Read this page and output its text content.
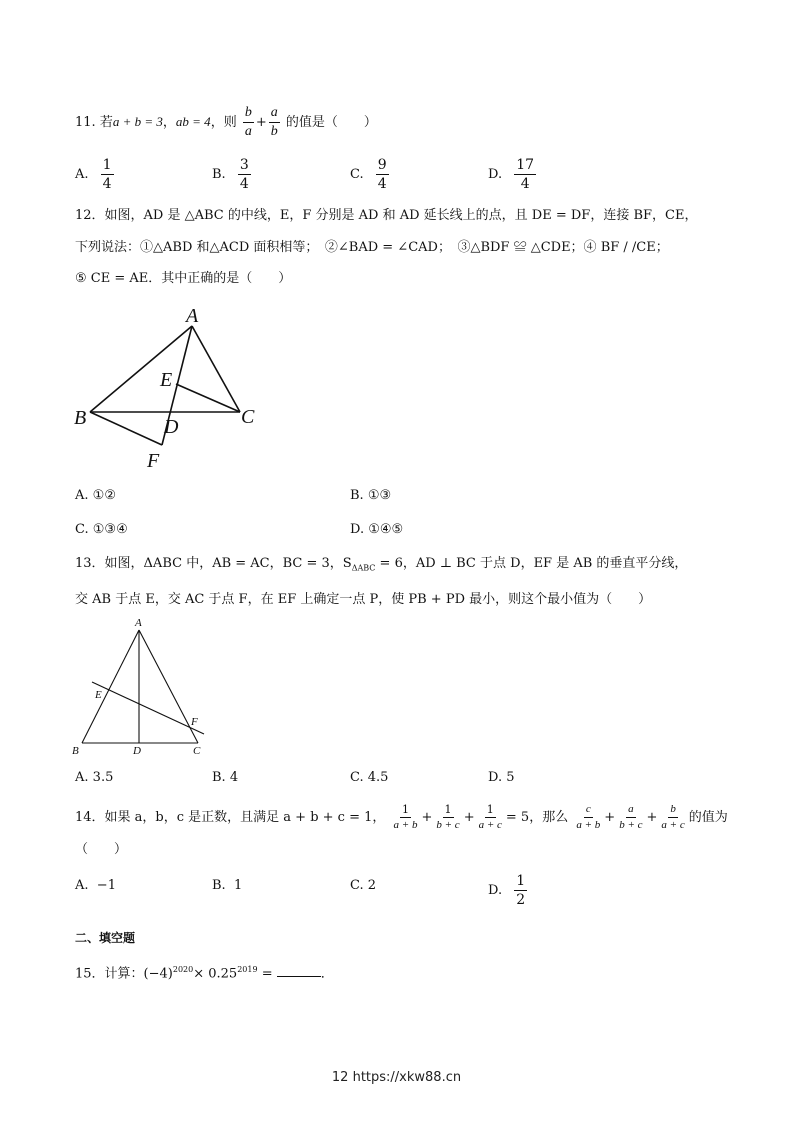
11. 若a + b = 3，ab = 4，则 $\frac{b}{a} + \frac{a}{b}$ 的值是（　　）
A. $\frac{1}{4}$	B. $\frac{3}{4}$	C. $\frac{9}{4}$	D. $\frac{17}{4}$
12．如图，AD 是 △ABC 的中线，E，F 分别是 AD 和 AD 延长线上的点，且 DE = DF，连接 BF，CE，
下列说法：①△ABD 和△ACD 面积相等；　②∠BAD = ∠CAD；　③△BDF ≌ △CDE；④ BF / /CE；
⑤ CE = AE．其中正确的是（　　）
A
B	C
D
E
F
A. ①②	B. ①③
C. ①③④	D. ①④⑤
13．如图，ΔABC 中，AB = AC，BC = 3，$S_{\Delta ABC} = 6$，AD ⊥ BC 于点 D，EF 是 AB 的垂直平分线，
交 AB 于点 E，交 AC 于点 F，在 EF 上确定一点 P，使 PB + PD 最小，则这个最小值为（　　）
A
B	C
D
E
F
A. 3.5	B. 4	C. 4.5	D. 5
14．如果 a，b，c 是正数，且满足 a + b + c = 1， $\frac{1}{a + b} + \frac{1}{b + c} + \frac{1}{a + c} = 5$，那么 $\frac{c}{a + b} + \frac{a}{b + c} + \frac{b}{a + c}$ 的值为
（　　）
A. −1	B. 1	C. 2	D. $\frac{1}{2}$
二、填空题
15．计算：$(-4)^{2020}\times 0.25^{2019}$ =	．
12 https://xkw88.cn
